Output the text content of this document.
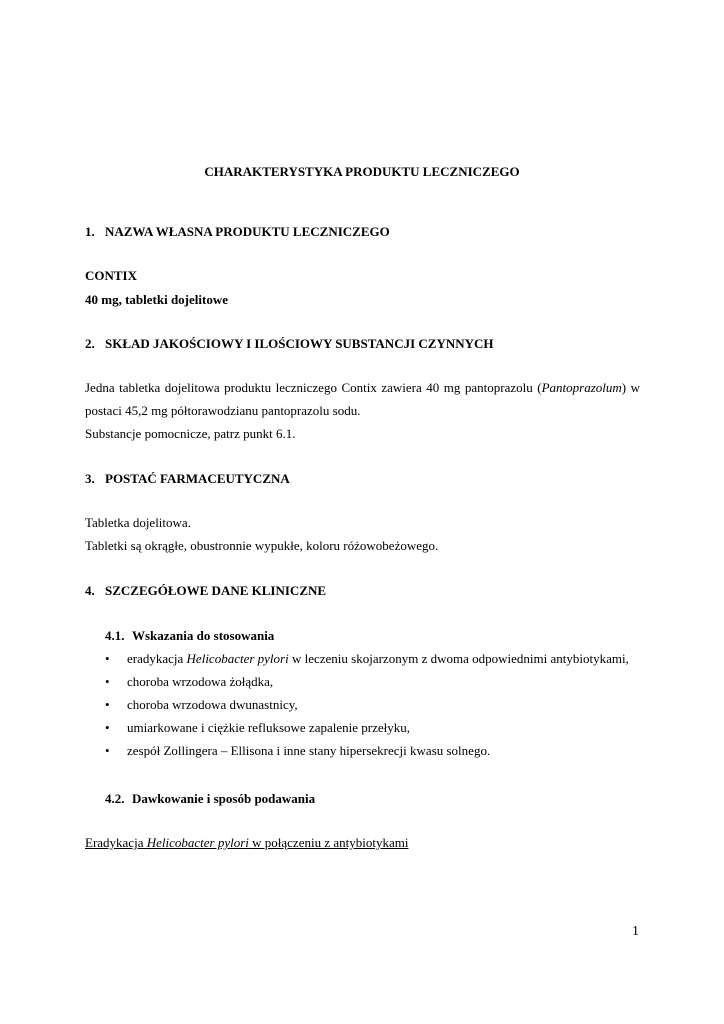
CHARAKTERYSTYKA PRODUKTU LECZNICZEGO
1. NAZWA WŁASNA PRODUKTU LECZNICZEGO
CONTIX
40 mg, tabletki dojelitowe
2. SKŁAD JAKOŚCIOWY I ILOŚCIOWY SUBSTANCJI CZYNNYCH

Jedna tabletka dojelitowa produktu leczniczego Contix zawiera 40 mg pantoprazolu (Pantoprazolum) w

postaci 45,2 mg półtorawodzianu pantoprazolu sodu.
Substancje pomocnicze, patrz punkt 6.1.
3. POSTAĆ FARMACEUTYCZNA
Tabletka dojelitowa.
Tabletki są okrągłe, obustronnie wypukłe, koloru różowobeżowego.
4. SZCZEGÓŁOWE DANE KLINICZNE
4.1. Wskazania do stosowania
• eradykacja Helicobacter pylori w leczeniu skojarzonym z dwoma odpowiednimi antybiotykami,
• choroba wrzodowa żołądka,
• choroba wrzodowa dwunastnicy,
• umiarkowane i ciężkie refluksowe zapalenie przełyku,
• zespół Zollingera – Ellisona i inne stany hipersekrecji kwasu solnego.
4.2. Dawkowanie i sposób podawania
Eradykacja Helicobacter pylori w połączeniu z antybiotykami
1
